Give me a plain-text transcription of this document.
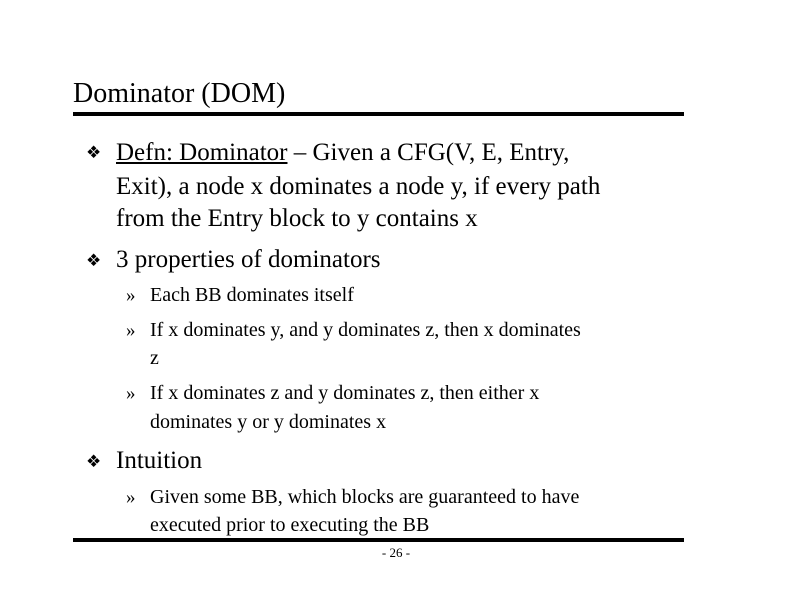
Dominator (DOM)
❖ Defn: Dominator – Given a CFG(V, E, Entry,
Exit), a node x dominates a node y, if every path
from the Entry block to y contains x
❖ 3 properties of dominators
» Each BB dominates itself
» If x dominates y, and y dominates z, then x dominates
z
» If x dominates z and y dominates z, then either x
dominates y or y dominates x
❖ Intuition
» Given some BB, which blocks are guaranteed to have
executed prior to executing the BB
- 26 -
